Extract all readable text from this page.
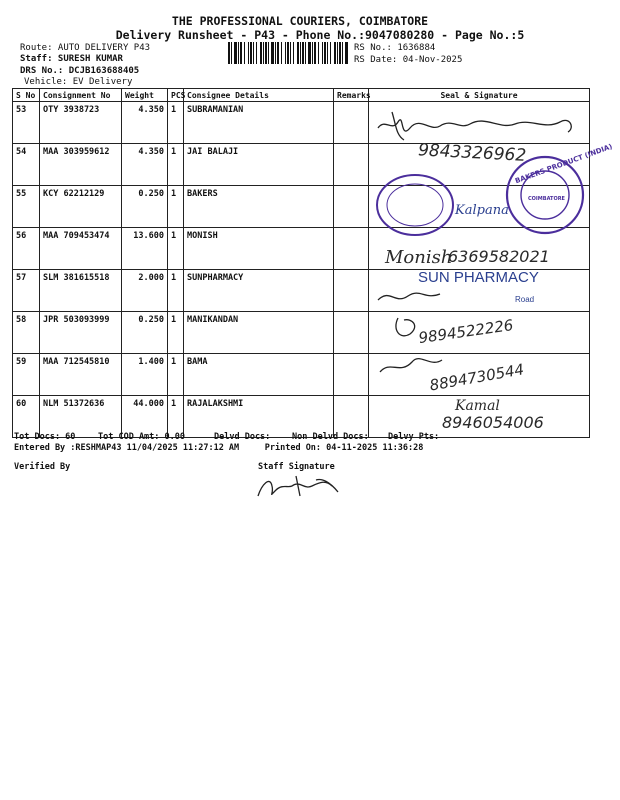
THE PROFESSIONAL COURIERS, COIMBATORE
Delivery Runsheet - P43 - Phone No.:9047080280 - Page No.:5
Route: AUTO DELIVERY P43
Staff: SURESH KUMAR
DRS No.: DCJB163688405
Vehicle: EV Delivery
RS No.: 1636884
RS Date: 04-Nov-2025
S No	Consignment No	Weight	PCS	Consignee Details	Remarks	Seal & Signature
53	OTY 3938723	4.350	1	SUBRAMANIAN		
54	MAA 303959612	4.350	1	JAI BALAJI		
55	KCY 62212129	0.250	1	BAKERS		
56	MAA 709453474	13.600	1	MONISH		
57	SLM 381615518	2.000	1	SUNPHARMACY		
58	JPR 503093999	0.250	1	MANIKANDAN		
59	MAA 712545810	1.400	1	BAMA		
60	NLM 51372636	44.000	1	RAJALAKSHMI		
Tot Docs: 60	Tot COD Amt: 0.00	Delvd Docs:	Non Delvd Docs: Delvy Pts:
Entered By :RESHMAP43 11/04/2025 11:27:12 AM     Printed On: 04-11-2025 11:36:28
Verified By	Staff Signature
9843326962
Kalpana
BAKERS PRODUCT (INDIA)
COIMBATORE
Monish
6369582021
SUN PHARMACY
Road
9894522226
8894730544
Kamal
8946054006
